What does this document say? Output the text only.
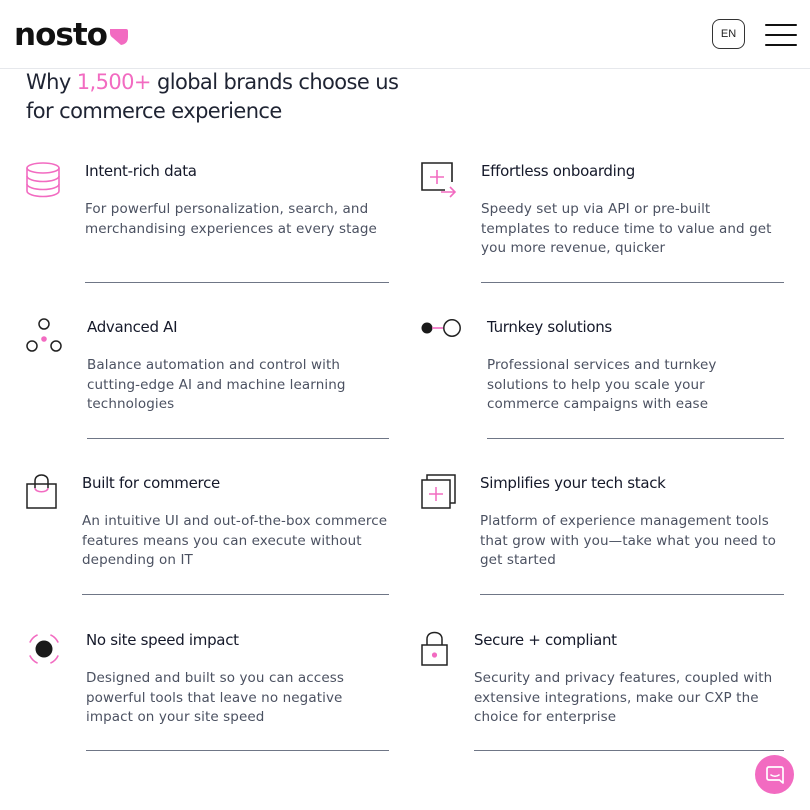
nosto	EN
Why 1,500+ global brands choose us for commerce experience
Intent-rich data
For powerful personalization, search, and merchandising experiences at every stage
Effortless onboarding
Speedy set up via API or pre-built templates to reduce time to value and get you more revenue, quicker
Advanced AI
Balance automation and control with cutting-edge AI and machine learning technologies
Turnkey solutions
Professional services and turnkey solutions to help you scale your commerce campaigns with ease
Built for commerce
An intuitive UI and out-of-the-box commerce features means you can execute without depending on IT
Simplifies your tech stack
Platform of experience management tools that grow with you—take what you need to get started
No site speed impact
Designed and built so you can access powerful tools that leave no negative impact on your site speed
Secure + compliant
Security and privacy features, coupled with extensive integrations, make our CXP the choice for enterprise
